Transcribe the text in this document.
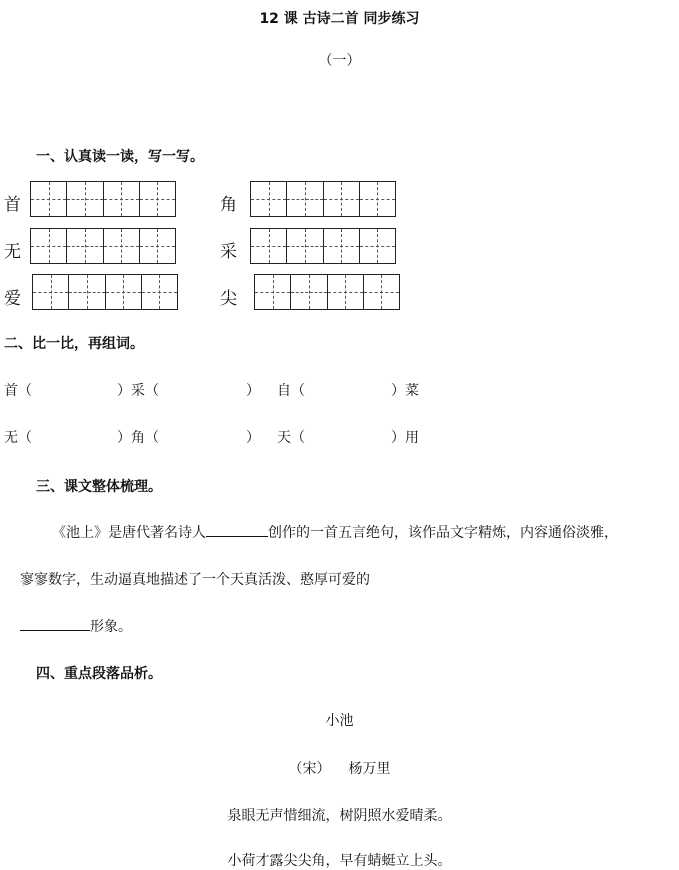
12 课 古诗二首 同步练习
（一）
一、认真读一读，写一写。
首	角
无	采
爱	尖
二、比一比，再组词。
首（	）采（	） 自（	）菜
无（	）角（	） 天（	）用
三、课文整体梳理。
《池上》是唐代著名诗人	创作的一首五言绝句，该作品文字精炼，内容通俗淡雅，
寥寥数字，生动逼真地描述了一个天真活泼、憨厚可爱的
形象。
四、重点段落品析。
小池
（宋） 杨万里
泉眼无声惜细流，树阴照水爱晴柔。
小荷才露尖尖角，早有蜻蜓立上头。
